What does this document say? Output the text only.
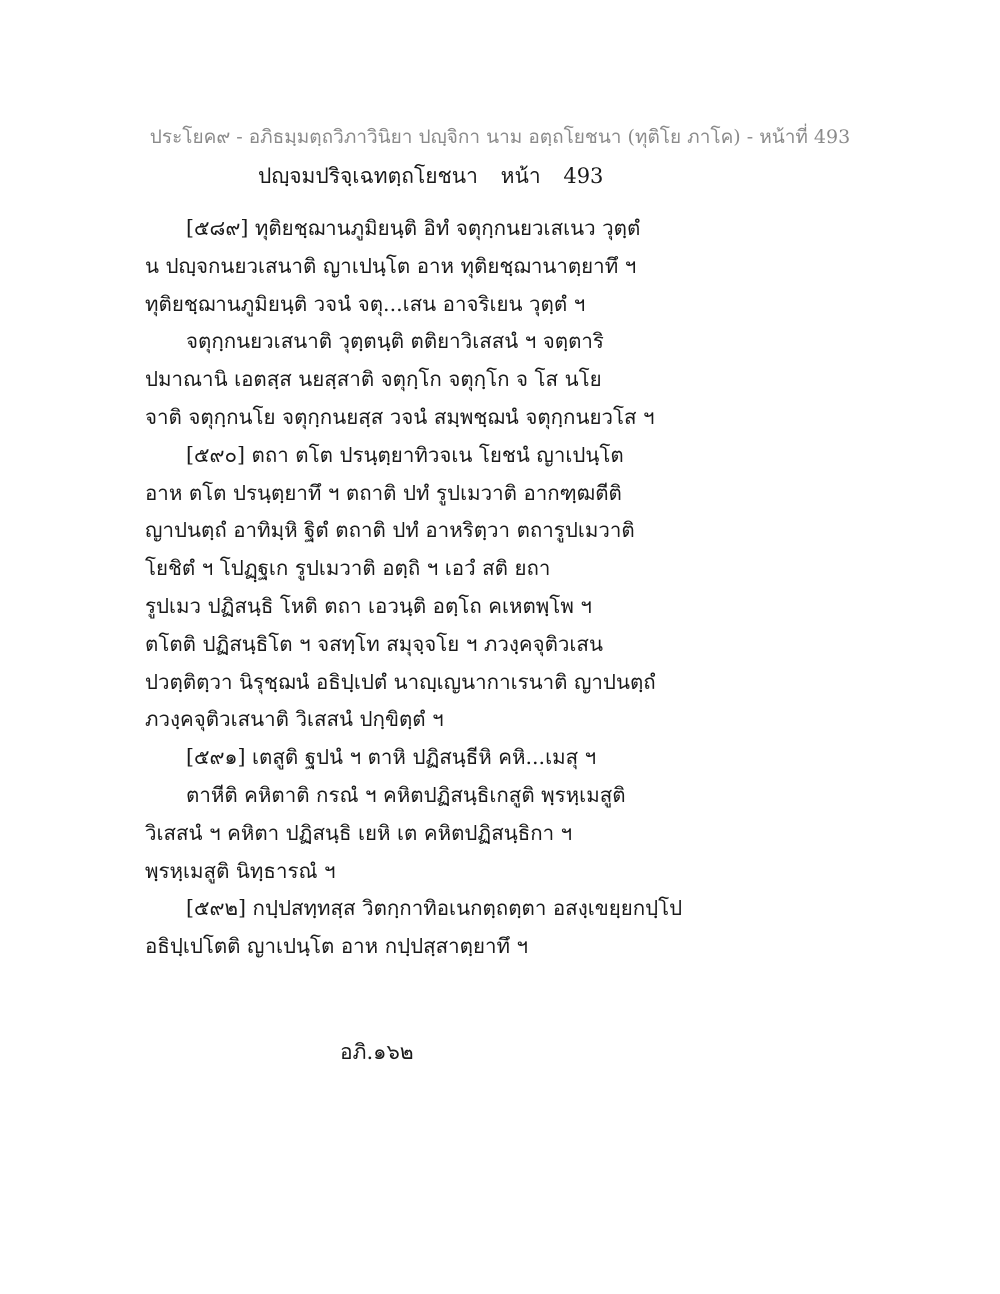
ประโยค๙ - อภิธมฺมตฺถวิภาวินิยา ปญฺจิกา นาม อตฺถโยชนา (ทุติโย ภาโค) - หน้าที่ 493
ปญฺจมปริจฺเฉทตฺถโยชนา หน้า 493
[๕๘๙] ทุติยชฺฌานภูมิยนฺติ อิทํ จตุกฺกนยวเสเนว วุตฺตํ
น ปญฺจกนยวเสนาติ ญาเปนฺโต อาห ทุติยชฺฌานาตฺยาทึ ฯ
ทุติยชฺฌานภูมิยนฺติ วจนํ จตุ...เสน อาจริเยน วุตฺตํ ฯ
จตุกฺกนยวเสนาติ วุตฺตนฺติ ตติยาวิเสสนํ ฯ จตฺตาริ
ปมาณานิ เอตสฺส นยสฺสาติ จตุกฺโก จตุกฺโก จ โส นโย
จาติ จตุกฺกนโย จตุกฺกนยสฺส วจนํ สมฺพชฺฌนํ จตุกฺกนยวโส ฯ
[๕๙๐] ตถา ตโต ปรนฺตฺยาทิวจเน โยชนํ ญาเปนฺโต
อาห ตโต ปรนฺตฺยาทึ ฯ ตถาติ ปทํ รูปเมวาติ อากฑฺฒตีติ
ญาปนตฺถํ อาทิมฺหิ ฐิตํ ตถาติ ปทํ อาหริตฺวา ตถารูปเมวาติ
โยชิตํ ฯ โปฏฺฐเก รูปเมวาติ อตฺถิ ฯ เอวํ สติ ยถา
รูปเมว ปฏิสนฺธิ โหติ ตถา เอวนฺติ อตฺโถ คเหตพฺโพ ฯ
ตโตติ ปฏิสนฺธิโต ฯ จสทฺโท สมุจฺจโย ฯ ภวงฺคจุติวเสน
ปวตฺติตฺวา นิรุชฺฌนํ อธิปฺเปตํ นาญฺเญนากาเรนาติ ญาปนตฺถํ
ภวงฺคจุติวเสนาติ วิเสสนํ ปกฺขิตฺตํ ฯ
[๕๙๑] เตสูติ ฐปนํ ฯ ตาหิ ปฏิสนฺธีหิ คหิ...เมสุ ฯ
ตาหีติ คหิตาติ กรณํ ฯ คหิตปฏิสนฺธิเกสูติ พฺรหฺเมสูติ
วิเสสนํ ฯ คหิตา ปฏิสนฺธิ เยหิ เต คหิตปฏิสนฺธิกา ฯ
พฺรหฺเมสูติ นิทฺธารณํ ฯ
[๕๙๒] กปฺปสทฺทสฺส วิตกฺกาทิอเนกตฺถตฺตา อสงฺเขยฺยกปฺโป
อธิปฺเปโตติ ญาเปนฺโต อาห กปฺปสฺสาตฺยาทึ ฯ
อภิ.๑๖๒
